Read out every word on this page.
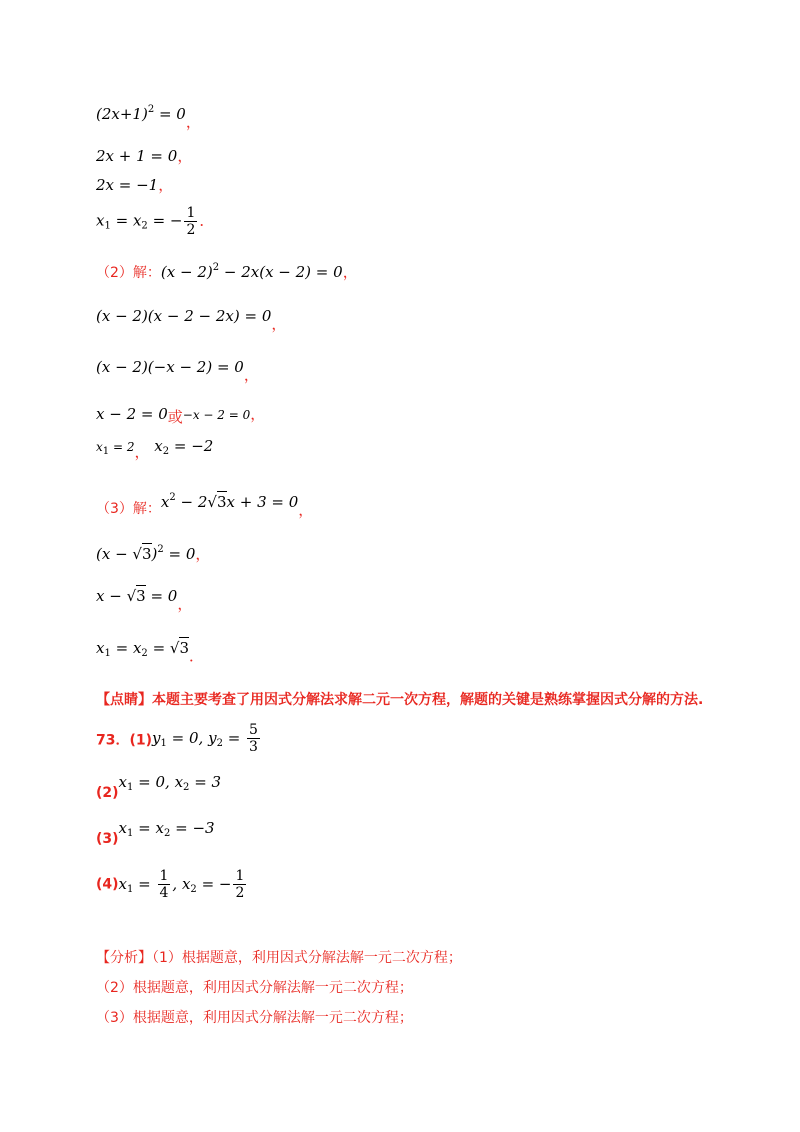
$(2x+1)^2 = 0$，
2x + 1 = 0，
2x = −1，
$x_1 = x_2$ = − $\frac{1}{2}$ ．
（2）解：$(x - 2)^2 - 2x(x - 2) = 0$，
(x − 2)(x − 2 − 2x) = 0，
(x − 2)(−x − 2) = 0，
x − 2 = 0或−x − 2 = 0，
$x_1 = 2$， $x_2 = -2$
（3）解：$x^2 - 2√3x + 3 = 0$，
$(x - √3)^2 = 0$，
x − √3 = 0，
$x_1 = x_2 = √3$．
【点睛】本题主要考查了用因式分解法求解二元一次方程，解题的关键是熟练掌握因式分解的方法.
73．$(1)y_1 = 0$, $y_2 = \frac{5}{3}$
$(2)x_1 = 0$, $x_2 = 3$
$(3)x_1 = x_2 = -3$
$(4)x_1 = \frac{1}{4}$ , $x_2$ = − $\frac{1}{2}$
【分析】（1）根据题意，利用因式分解法解一元二次方程；
（2）根据题意，利用因式分解法解一元二次方程；
（3）根据题意，利用因式分解法解一元二次方程；
